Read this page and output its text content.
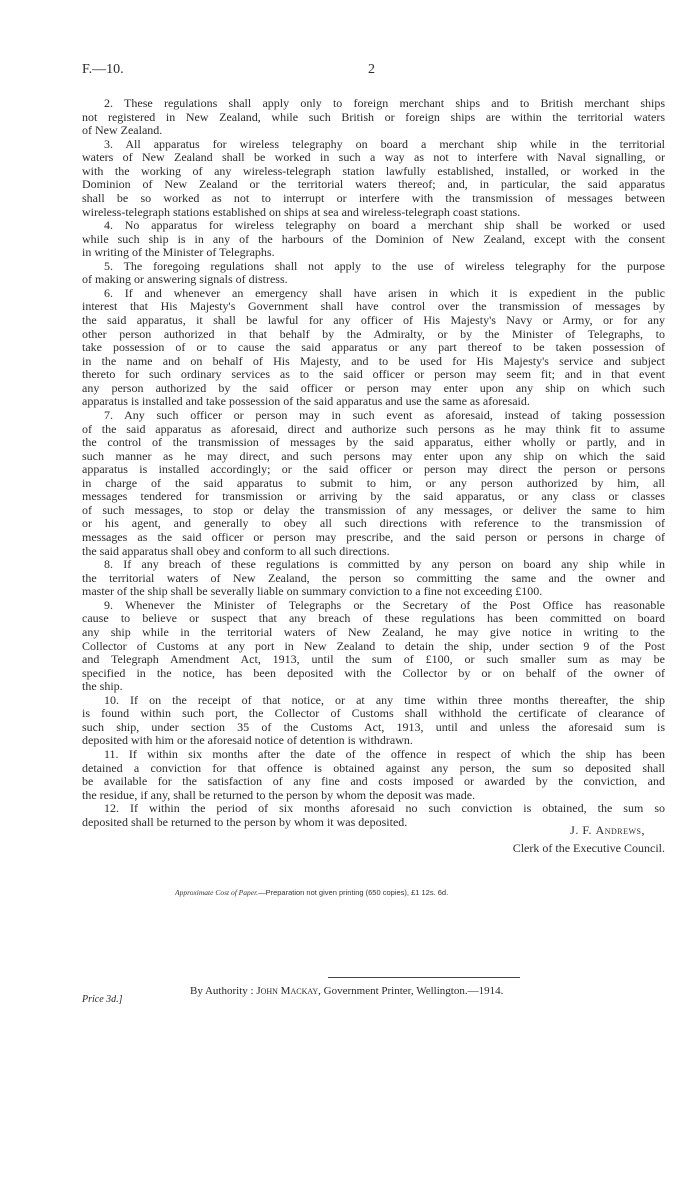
F.—10.	2
2. These regulations shall apply only to foreign merchant ships and to British merchant ships
not registered in New Zealand, while such British or foreign ships are within the territorial waters
of New Zealand.
3. All apparatus for wireless telegraphy on board a merchant ship while in the territorial
waters of New Zealand shall be worked in such a way as not to interfere with Naval signalling, or
with the working of any wireless-telegraph station lawfully established, installed, or worked in the
Dominion of New Zealand or the territorial waters thereof; and, in particular, the said apparatus
shall be so worked as not to interrupt or interfere with the transmission of messages between
wireless-telegraph stations established on ships at sea and wireless-telegraph coast stations.
4. No apparatus for wireless telegraphy on board a merchant ship shall be worked or used
while such ship is in any of the harbours of the Dominion of New Zealand, except with the consent
in writing of the Minister of Telegraphs.
5. The foregoing regulations shall not apply to the use of wireless telegraphy for the purpose
of making or answering signals of distress.
6. If and whenever an emergency shall have arisen in which it is expedient in the public
interest that His Majesty's Government shall have control over the transmission of messages by
the said apparatus, it shall be lawful for any officer of His Majesty's Navy or Army, or for any
other person authorized in that behalf by the Admiralty, or by the Minister of Telegraphs, to
take possession of or to cause the said apparatus or any part thereof to be taken possession of
in the name and on behalf of His Majesty, and to be used for His Majesty's service and subject
thereto for such ordinary services as to the said officer or person may seem fit; and in that event
any person authorized by the said officer or person may enter upon any ship on which such
apparatus is installed and take possession of the said apparatus and use the same as aforesaid.
7. Any such officer or person may in such event as aforesaid, instead of taking possession
of the said apparatus as aforesaid, direct and authorize such persons as he may think fit to assume
the control of the transmission of messages by the said apparatus, either wholly or partly, and in
such manner as he may direct, and such persons may enter upon any ship on which the said
apparatus is installed accordingly; or the said officer or person may direct the person or persons
in charge of the said apparatus to submit to him, or any person authorized by him, all
messages tendered for transmission or arriving by the said apparatus, or any class or classes
of such messages, to stop or delay the transmission of any messages, or deliver the same to him
or his agent, and generally to obey all such directions with reference to the transmission of
messages as the said officer or person may prescribe, and the said person or persons in charge of
the said apparatus shall obey and conform to all such directions.
8. If any breach of these regulations is committed by any person on board any ship while in
the territorial waters of New Zealand, the person so committing the same and the owner and
master of the ship shall be severally liable on summary conviction to a fine not exceeding £100.
9. Whenever the Minister of Telegraphs or the Secretary of the Post Office has reasonable
cause to believe or suspect that any breach of these regulations has been committed on board
any ship while in the territorial waters of New Zealand, he may give notice in writing to the
Collector of Customs at any port in New Zealand to detain the ship, under section 9 of the Post
and Telegraph Amendment Act, 1913, until the sum of £100, or such smaller sum as may be
specified in the notice, has been deposited with the Collector by or on behalf of the owner of
the ship.
10. If on the receipt of that notice, or at any time within three months thereafter, the ship
is found within such port, the Collector of Customs shall withhold the certificate of clearance of
such ship, under section 35 of the Customs Act, 1913, until and unless the aforesaid sum is
deposited with him or the aforesaid notice of detention is withdrawn.
11. If within six months after the date of the offence in respect of which the ship has been
detained a conviction for that offence is obtained against any person, the sum so deposited shall
be available for the satisfaction of any fine and costs imposed or awarded by the conviction, and
the residue, if any, shall be returned to the person by whom the deposit was made.
12. If within the period of six months aforesaid no such conviction is obtained, the sum so
deposited shall be returned to the person by whom it was deposited.
J. F. Andrews,
Clerk of the Executive Council.
Approximate Cost of Paper.—Preparation not given printing (650 copies), £1 12s. 6d.
By Authority : John Mackay, Government Printer, Wellington.—1914.
Price 3d.]
